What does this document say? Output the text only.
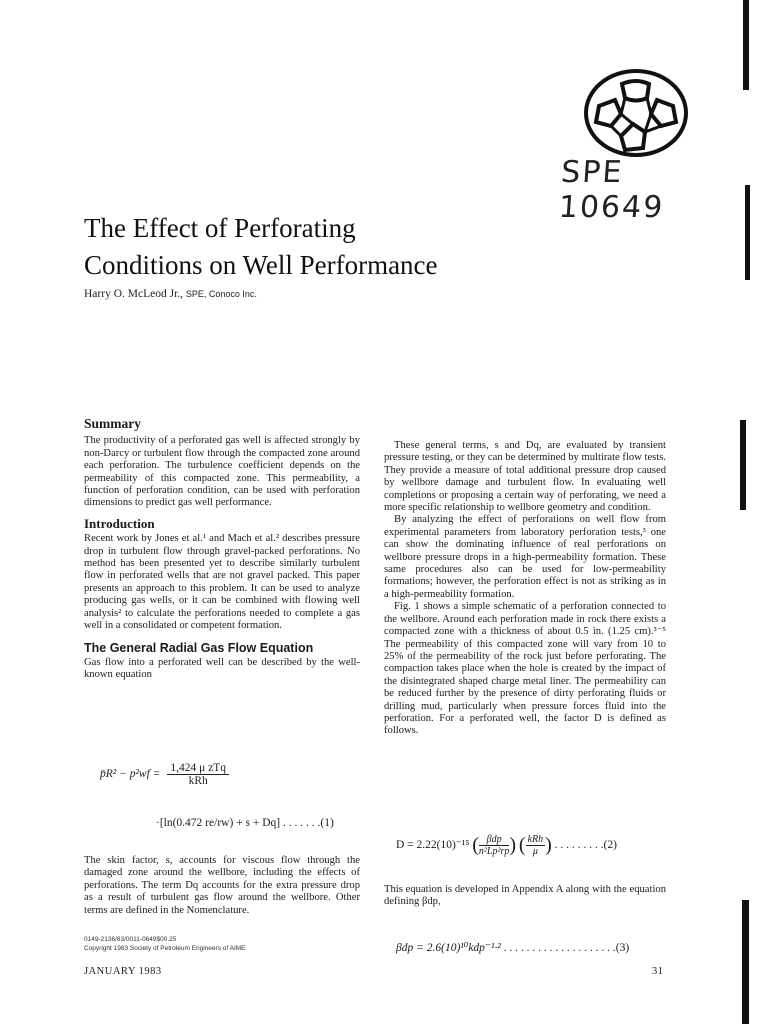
SPE 10649
The Effect of Perforating
Conditions on Well Performance
Harry O. McLeod Jr., SPE, Conoco Inc.
Summary

The productivity of a perforated gas well is affected strongly by non-Darcy or turbulent flow through the compacted zone around each perforation. The turbulence coefficient depends on the permeability of this compacted zone. This permeability, a function of perforation condition, can be used with perforation dimensions to predict gas well performance.

Introduction

Recent work by Jones et al.¹ and Mach et al.² describes pressure drop in turbulent flow through gravel-packed perforations. No method has been presented yet to describe similarly turbulent flow in perforated wells that are not gravel packed. This paper presents an approach to this problem. It can be used to analyze producing gas wells, or it can be combined with flowing well analysis² to calculate the perforations needed to complete a gas well in a consolidated or competent formation.

The General Radial Gas Flow Equation

Gas flow into a perforated well can be described by the well-known equation

p̄R² − p²wf =
1,424 μ zTq
kRh
·[ln(0.472 re/rw) + s + Dq] . . . . . . .(1)

The skin factor, s, accounts for viscous flow through the damaged zone around the wellbore, including the effects of perforations. The term Dq accounts for the extra pressure drop as a result of turbulent gas flow around the wellbore. Other terms are defined in the Nomenclature.

These general terms, s and Dq, are evaluated by transient pressure testing, or they can be determined by multirate flow tests. They provide a measure of total additional pressure drop caused by wellbore damage and turbulent flow. In evaluating well completions or proposing a certain way of perforating, we need a more specific relationship to wellbore geometry and condition.

By analyzing the effect of perforations on well flow from experimental parameters from laboratory perforation tests,³ one can show the dominating influence of real perforations on wellbore pressure drops in a high-permeability formation. These same procedures also can be used for low-permeability formations; however, the perforation effect is not as striking as in a high-permeability formation.

Fig. 1 shows a simple schematic of a perforation connected to the wellbore. Around each perforation made in rock there exists a compacted zone with a thickness of about 0.5 in. (1.25 cm).³⁻⁵ The permeability of this compacted zone will vary from 10 to 25% of the permeability of the rock just before perforating. The compaction takes place when the hole is created by the impact of the disintegrated shaped charge metal liner. The permeability can be reduced further by the presence of dirty perforating fluids or drilling mud, particularly when pressure forces fluid into the perforation. For a perforated well, the factor D is defined as follows.

D = 2.22(10)⁻¹⁵ ( βdp
n²Lp²rp ) ( kRh
μ ) . . . . . . . . .(2)

This equation is developed in Appendix A along with the equation defining βdp,

βdp = 2.6(10)¹⁰kdp⁻¹·² . . . . . . . . . . . . . . . . . . . .(3)
0149-2136/83/0011-0649$00.25
Copyright 1983 Society of Petroleum Engineers of AIME
JANUARY 1983	31
